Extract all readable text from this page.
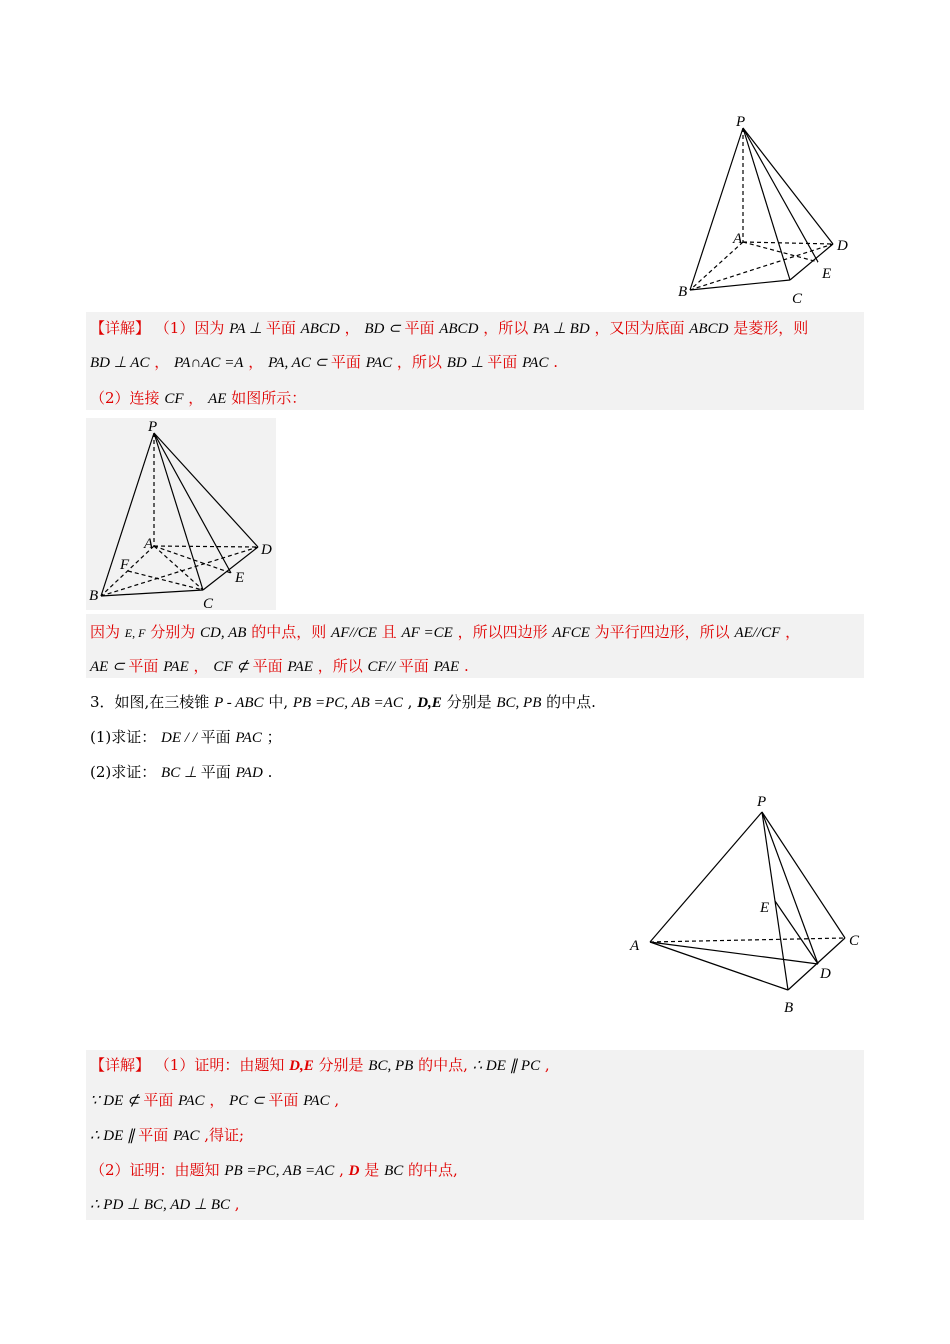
P
A
B	C
D
E
【详解】 （1）因为 PA ⊥ 平面 ABCD ， BD ⊂ 平面 ABCD ，所以 PA ⊥ BD ，又因为底面 ABCD 是菱形，则
BD ⊥ AC ， PA∩AC =A ， PA, AC ⊂ 平面 PAC ，所以 BD ⊥ 平面 PAC .
（2）连接 CF ， AE 如图所示：
P
A
F
B	C
D
E
因为 E, F 分别为 CD, AB 的中点，则 AF//CE 且 AF =CE ，所以四边形 AFCE 为平行四边形，所以 AE//CF ，
AE ⊂ 平面 PAE ， CF ⊄ 平面 PAE ，所以 CF// 平面 PAE .
3．如图,在三棱锥 P - ABC 中, PB =PC, AB =AC , D,E 分别是 BC, PB 的中点.
(1)求证： DE / / 平面 PAC ；
(2)求证： BC ⊥ 平面 PAD .
P
E
A	C
D
B
【详解】 （1）证明：由题知 D,E 分别是 BC, PB 的中点, ∴ DE ∥ PC ,
∵ DE ⊄ 平面 PAC ， PC ⊂ 平面 PAC ,
∴ DE ∥ 平面 PAC ,得证;
（2）证明：由题知 PB =PC, AB =AC , D 是 BC 的中点,
∴ PD ⊥ BC, AD ⊥ BC ,
